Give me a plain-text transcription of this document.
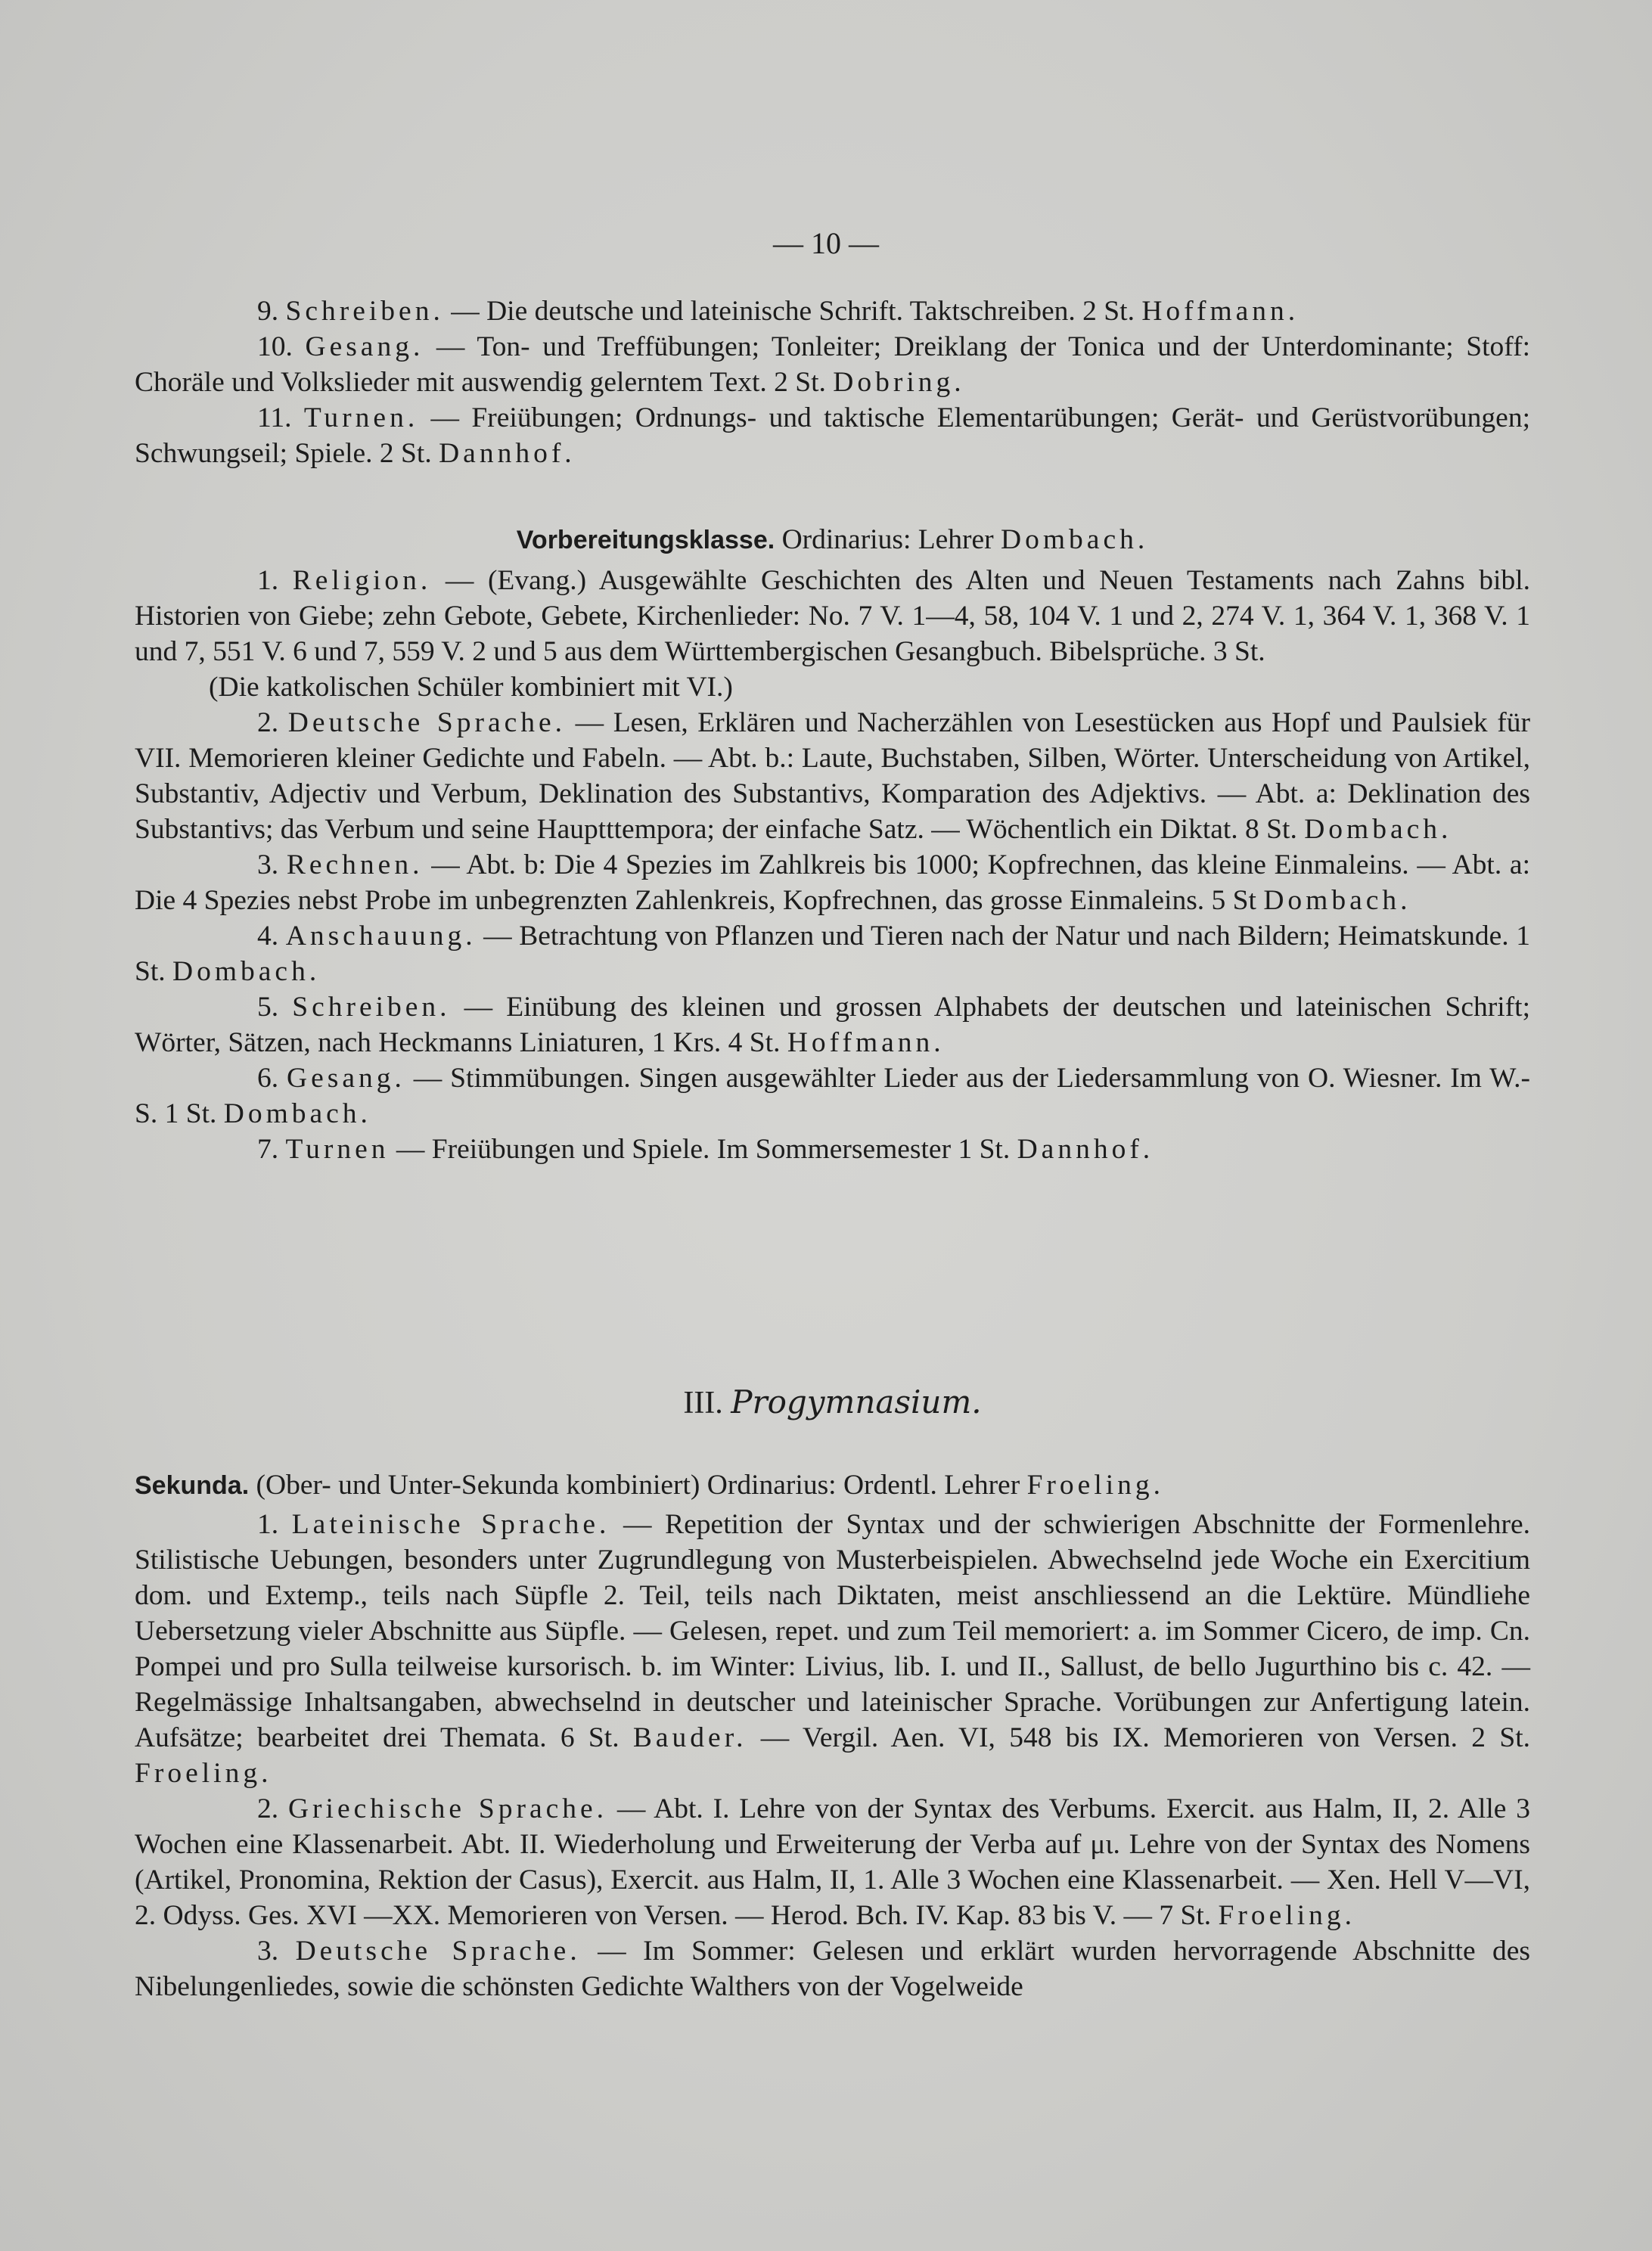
— 10 —

9. Schreiben. — Die deutsche und lateinische Schrift. Taktschreiben. 2 St. Hoffmann.

10. Gesang. — Ton- und Treffübungen; Tonleiter; Dreiklang der Tonica und der Unterdominante; Stoff: Choräle und Volkslieder mit auswendig gelerntem Text. 2 St. Dobring.

11. Turnen. — Freiübungen; Ordnungs- und taktische Elementarübungen; Gerät- und Gerüstvorübungen; Schwungseil; Spiele. 2 St. Dannhof.

Vorbereitungsklasse. Ordinarius: Lehrer Dombach.

1. Religion. — (Evang.) Ausgewählte Geschichten des Alten und Neuen Testaments nach Zahns bibl. Historien von Giebe; zehn Gebote, Gebete, Kirchenlieder: No. 7 V. 1—4, 58, 104 V. 1 und 2, 274 V. 1, 364 V. 1, 368 V. 1 und 7, 551 V. 6 und 7, 559 V. 2 und 5 aus dem Württembergischen Gesangbuch. Bibelsprüche. 3 St.

(Die katkolischen Schüler kombiniert mit VI.)

2. Deutsche Sprache. — Lesen, Erklären und Nacherzählen von Lesestücken aus Hopf und Paulsiek für VII. Memorieren kleiner Gedichte und Fabeln. — Abt. b.: Laute, Buchstaben, Silben, Wörter. Unterscheidung von Artikel, Substantiv, Adjectiv und Verbum, Deklination des Substantivs, Komparation des Adjektivs. — Abt. a: Deklination des Substantivs; das Verbum und seine Hauptttempora; der einfache Satz. — Wöchentlich ein Diktat. 8 St. Dombach.

3. Rechnen. — Abt. b: Die 4 Spezies im Zahlkreis bis 1000; Kopfrechnen, das kleine Einmaleins. — Abt. a: Die 4 Spezies nebst Probe im unbegrenzten Zahlenkreis, Kopfrechnen, das grosse Einmaleins. 5 St Dombach.

4. Anschauung. — Betrachtung von Pflanzen und Tieren nach der Natur und nach Bildern; Heimatskunde. 1 St. Dombach.

5. Schreiben. — Einübung des kleinen und grossen Alphabets der deutschen und lateinischen Schrift; Wörter, Sätzen, nach Heckmanns Liniaturen, 1 Krs. 4 St. Hoffmann.

6. Gesang. — Stimmübungen. Singen ausgewählter Lieder aus der Liedersammlung von O. Wiesner. Im W.-S. 1 St. Dombach.

7. Turnen — Freiübungen und Spiele. Im Sommersemester 1 St. Dannhof.

III. Progymnasium.

Sekunda. (Ober- und Unter-Sekunda kombiniert) Ordinarius: Ordentl. Lehrer Froeling.

1. Lateinische Sprache. — Repetition der Syntax und der schwierigen Abschnitte der Formenlehre. Stilistische Uebungen, besonders unter Zugrundlegung von Musterbeispielen. Abwechselnd jede Woche ein Exercitium dom. und Extemp., teils nach Süpfle 2. Teil, teils nach Diktaten, meist anschliessend an die Lektüre. Mündliehe Uebersetzung vieler Abschnitte aus Süpfle. — Gelesen, repet. und zum Teil memoriert: a. im Sommer Cicero, de imp. Cn. Pompei und pro Sulla teilweise kursorisch. b. im Winter: Livius, lib. I. und II., Sallust, de bello Jugurthino bis c. 42. — Regelmässige Inhaltsangaben, abwechselnd in deutscher und lateinischer Sprache. Vorübungen zur Anfertigung latein. Aufsätze; bearbeitet drei Themata. 6 St. Bauder. — Vergil. Aen. VI, 548 bis IX. Memorieren von Versen. 2 St. Froeling.

2. Griechische Sprache. — Abt. I. Lehre von der Syntax des Verbums. Exercit. aus Halm, II, 2. Alle 3 Wochen eine Klassenarbeit. Abt. II. Wiederholung und Erweiterung der Verba auf μι. Lehre von der Syntax des Nomens (Artikel, Pronomina, Rektion der Casus), Exercit. aus Halm, II, 1. Alle 3 Wochen eine Klassenarbeit. — Xen. Hell V—VI, 2. Odyss. Ges. XVI —XX. Memorieren von Versen. — Herod. Bch. IV. Kap. 83 bis V. — 7 St. Froeling.

3. Deutsche Sprache. — Im Sommer: Gelesen und erklärt wurden hervorragende Abschnitte des Nibelungenliedes, sowie die schönsten Gedichte Walthers von der Vogelweide
